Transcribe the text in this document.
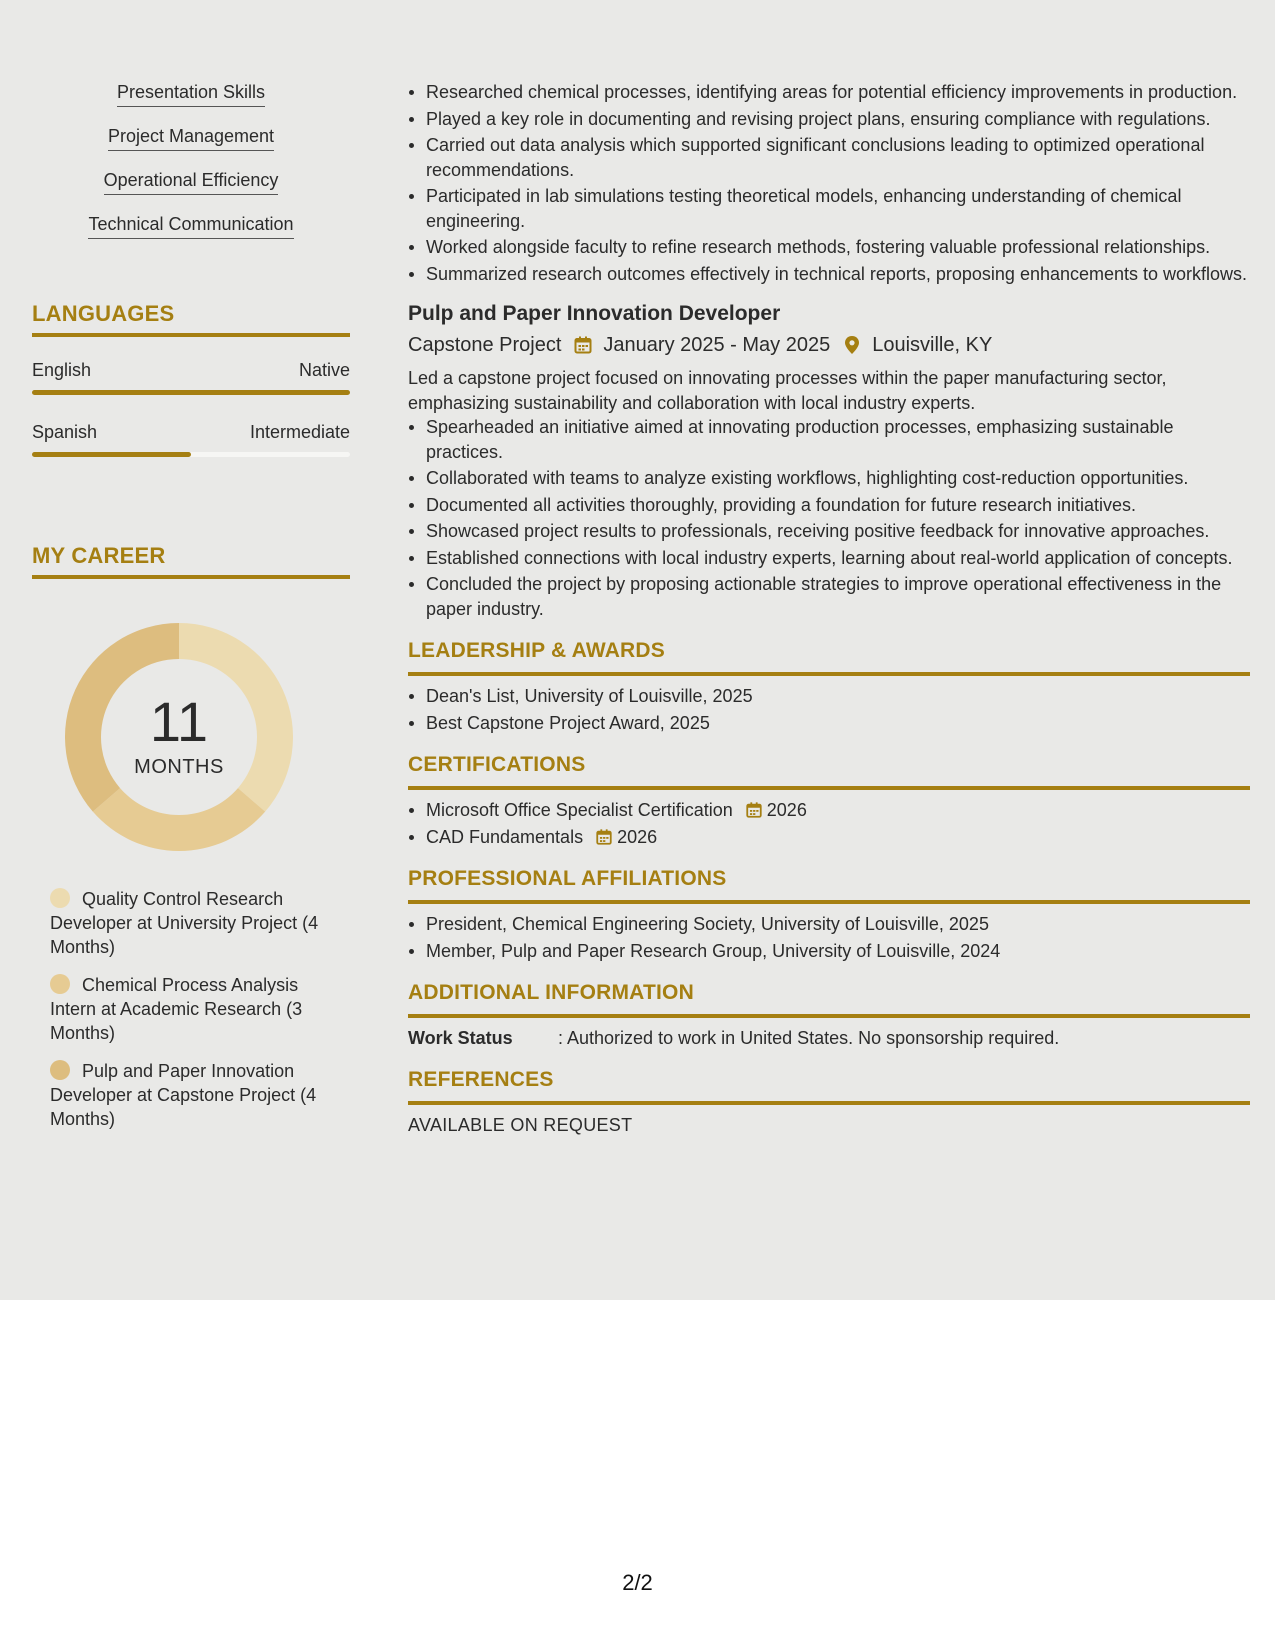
Presentation Skills
Project Management
Operational Efficiency
Technical Communication
LANGUAGES
English	Native
Spanish	Intermediate
MY CAREER
11
MONTHS
Quality Control Research Developer at University Project (4 Months)
Chemical Process Analysis Intern at Academic Research (3 Months)
Pulp and Paper Innovation Developer at Capstone Project (4 Months)
Researched chemical processes, identifying areas for potential efficiency improvements in production.
Played a key role in documenting and revising project plans, ensuring compliance with regulations.
Carried out data analysis which supported significant conclusions leading to optimized operational recommendations.
Participated in lab simulations testing theoretical models, enhancing understanding of chemical engineering.
Worked alongside faculty to refine research methods, fostering valuable professional relationships.
Summarized research outcomes effectively in technical reports, proposing enhancements to workflows.
Pulp and Paper Innovation Developer
Capstone Project January 2025 - May 2025 Louisville, KY
Led a capstone project focused on innovating processes within the paper manufacturing sector, emphasizing sustainability and collaboration with local industry experts.
Spearheaded an initiative aimed at innovating production processes, emphasizing sustainable practices.
Collaborated with teams to analyze existing workflows, highlighting cost-reduction opportunities.
Documented all activities thoroughly, providing a foundation for future research initiatives.
Showcased project results to professionals, receiving positive feedback for innovative approaches.
Established connections with local industry experts, learning about real-world application of concepts.
Concluded the project by proposing actionable strategies to improve operational effectiveness in the paper industry.
LEADERSHIP & AWARDS
Dean's List, University of Louisville, 2025
Best Capstone Project Award, 2025
CERTIFICATIONS
Microsoft Office Specialist Certification 2026
CAD Fundamentals 2026
PROFESSIONAL AFFILIATIONS
President, Chemical Engineering Society, University of Louisville, 2025
Member, Pulp and Paper Research Group, University of Louisville, 2024
ADDITIONAL INFORMATION
Work Status	: Authorized to work in United States. No sponsorship required.
REFERENCES
AVAILABLE ON REQUEST
2/2
